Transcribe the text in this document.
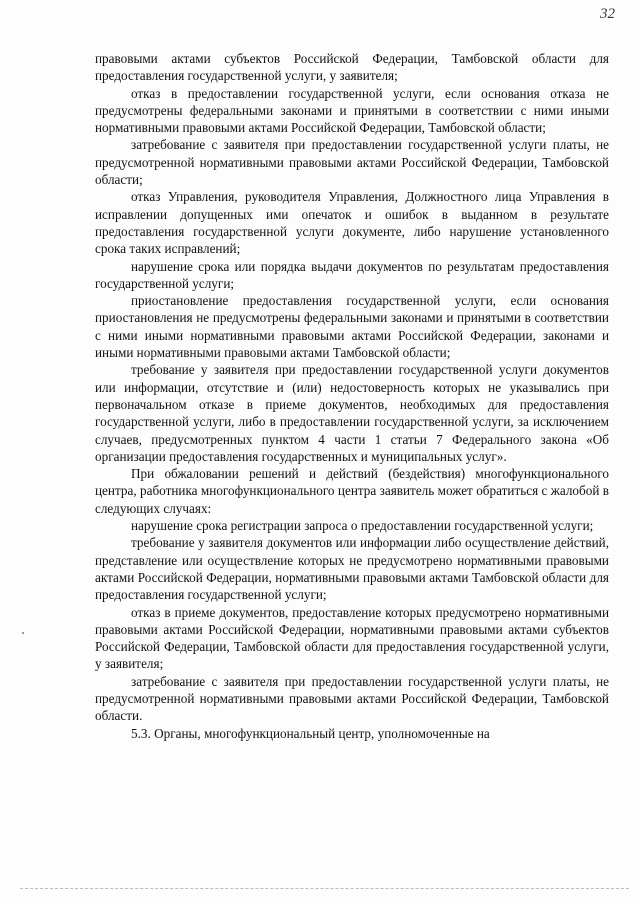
32

правовыми актами субъектов Российской Федерации, Тамбовской области для предоставления государственной услуги, у заявителя;

отказ в предоставлении государственной услуги, если основания отказа не предусмотрены федеральными законами и принятыми в соответствии с ними иными нормативными правовыми актами Российской Федерации, Тамбовской области;

затребование с заявителя при предоставлении государственной услуги платы, не предусмотренной нормативными правовыми актами Российской Федерации, Тамбовской области;

отказ Управления, руководителя Управления, Должностного лица Управления в исправлении допущенных ими опечаток и ошибок в выданном в результате предоставления государственной услуги документе, либо нарушение установленного срока таких исправлений;

нарушение срока или порядка выдачи документов по результатам предоставления государственной услуги;

приостановление предоставления государственной услуги, если основания приостановления не предусмотрены федеральными законами и принятыми в соответствии с ними иными нормативными правовыми актами Российской Федерации, законами и иными нормативными правовыми актами Тамбовской области;

требование у заявителя при предоставлении государственной услуги документов или информации, отсутствие и (или) недостоверность которых не указывались при первоначальном отказе в приеме документов, необходимых для предоставления государственной услуги, либо в предоставлении государственной услуги, за исключением случаев, предусмотренных пунктом 4 части 1 статьи 7 Федерального закона «Об организации предоставления государственных и муниципальных услуг».

При обжаловании решений и действий (бездействия) многофункционального центра, работника многофункционального центра заявитель может обратиться с жалобой в следующих случаях:

нарушение срока регистрации запроса о предоставлении государственной услуги;

требование у заявителя документов или информации либо осуществление действий, представление или осуществление которых не предусмотрено нормативными правовыми актами Российской Федерации, нормативными правовыми актами Тамбовской области для предоставления государственной услуги;

отказ в приеме документов, предоставление которых предусмотрено нормативными правовыми актами Российской Федерации, нормативными правовыми актами субъектов Российской Федерации, Тамбовской области для предоставления государственной услуги, у заявителя;

затребование с заявителя при предоставлении государственной услуги платы, не предусмотренной нормативными правовыми актами Российской Федерации, Тамбовской области.

5.3. Органы, многофункциональный центр, уполномоченные на
